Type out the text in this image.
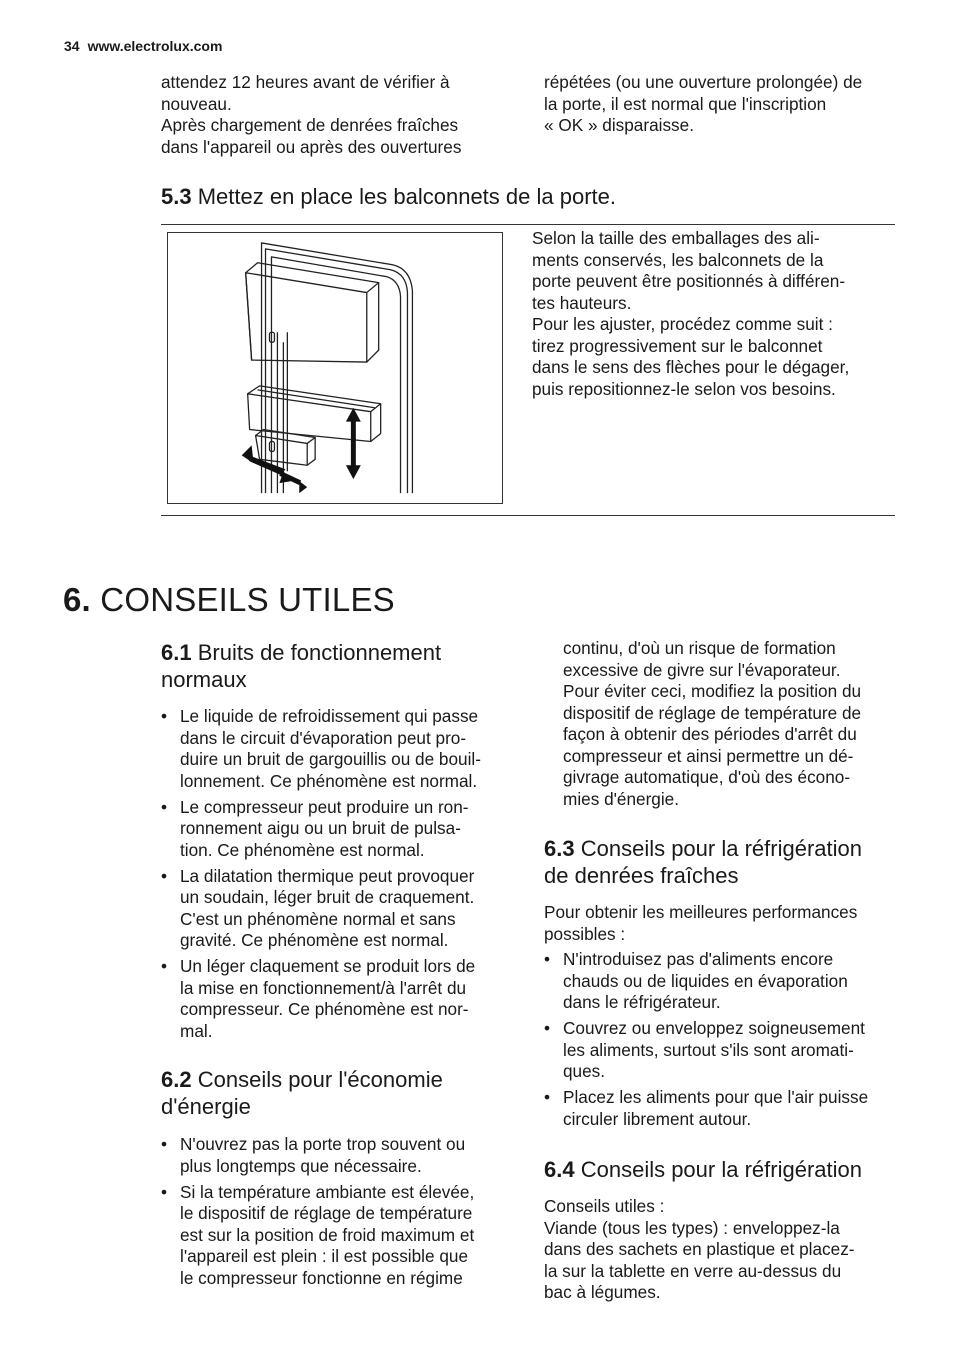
34 www.electrolux.com
attendez 12 heures avant de vérifier à
nouveau.
Après chargement de denrées fraîches
dans l'appareil ou après des ouvertures
répétées (ou une ouverture prolongée) de
la porte, il est normal que l'inscription
« OK » disparaisse.
5.3 Mettez en place les balconnets de la porte.
Selon la taille des emballages des ali-
ments conservés, les balconnets de la
porte peuvent être positionnés à différen-
tes hauteurs.
Pour les ajuster, procédez comme suit :
tirez progressivement sur le balconnet
dans le sens des flèches pour le dégager,
puis repositionnez-le selon vos besoins.
6. CONSEILS UTILES
6.1 Bruits de fonctionnement
normaux
• Le liquide de refroidissement qui passe
dans le circuit d'évaporation peut pro-
duire un bruit de gargouillis ou de bouil-
lonnement. Ce phénomène est normal.
• Le compresseur peut produire un ron-
ronnement aigu ou un bruit de pulsa-
tion. Ce phénomène est normal.
• La dilatation thermique peut provoquer
un soudain, léger bruit de craquement.
C'est un phénomène normal et sans
gravité. Ce phénomène est normal.
• Un léger claquement se produit lors de
la mise en fonctionnement/à l'arrêt du
compresseur. Ce phénomène est nor-
mal.
6.2 Conseils pour l'économie
d'énergie
• N'ouvrez pas la porte trop souvent ou
plus longtemps que nécessaire.
• Si la température ambiante est élevée,
le dispositif de réglage de température
est sur la position de froid maximum et
l'appareil est plein : il est possible que
le compresseur fonctionne en régime
continu, d'où un risque de formation
excessive de givre sur l'évaporateur.
Pour éviter ceci, modifiez la position du
dispositif de réglage de température de
façon à obtenir des périodes d'arrêt du
compresseur et ainsi permettre un dé-
givrage automatique, d'où des écono-
mies d'énergie.
6.3 Conseils pour la réfrigération
de denrées fraîches
Pour obtenir les meilleures performances
possibles :
• N'introduisez pas d'aliments encore
chauds ou de liquides en évaporation
dans le réfrigérateur.
• Couvrez ou enveloppez soigneusement
les aliments, surtout s'ils sont aromati-
ques.
• Placez les aliments pour que l'air puisse
circuler librement autour.
6.4 Conseils pour la réfrigération
Conseils utiles :
Viande (tous les types) : enveloppez-la
dans des sachets en plastique et placez-
la sur la tablette en verre au-dessus du
bac à légumes.
